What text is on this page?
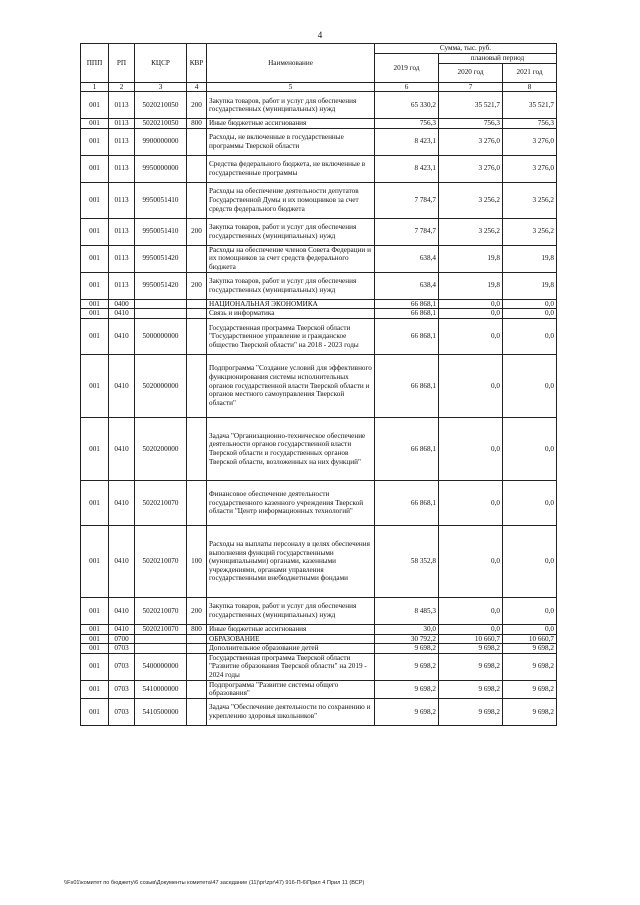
4
ППП	РП	КЦСР	КВР	Наименование	Сумма, тыс. руб.		
					2019 год	плановый период	
						2020 год	2021 год
1	2	3	4	5	6	7	8
001	0113	5020210050	200	Закупка товаров, работ и услуг для обеспечения государственных (муниципальных) нужд	65 330,2	35 521,7	35 521,7
001	0113	5020210050	800	Иные бюджетные ассигнования	756,3	756,3	756,3
001	0113	9900000000		Расходы, не включенные в государственные программы Тверской области	8 423,1	3 276,0	3 276,0
001	0113	9950000000		Средства федерального бюджета, не включенные в государственные программы	8 423,1	3 276,0	3 276,0
001	0113	9950051410		Расходы на обеспечение деятельности депутатов Государственной Думы и их помощников за счет средств федерального бюджета	7 784,7	3 256,2	3 256,2
001	0113	9950051410	200	Закупка товаров, работ и услуг для обеспечения государственных (муниципальных) нужд	7 784,7	3 256,2	3 256,2
001	0113	9950051420		Расходы на обеспечение членов Совета Федерации и их помощников за счет средств федерального бюджета	638,4	19,8	19,8
001	0113	9950051420	200	Закупка товаров, работ и услуг для обеспечения государственных (муниципальных) нужд	638,4	19,8	19,8
001	0400			НАЦИОНАЛЬНАЯ ЭКОНОМИКА	66 868,1	0,0	0,0
001	0410			Связь и информатика	66 868,1	0,0	0,0
001	0410	5000000000		Государственная программа Тверской области "Государственное управление и гражданское общество Тверской области" на 2018 - 2023 годы	66 868,1	0,0	0,0
001	0410	5020000000		Подпрограмма "Создание условий для эффективного функционирования системы исполнительных органов государственной власти Тверской области и органов местного самоуправления Тверской области"	66 868,1	0,0	0,0
001	0410	5020200000		Задача "Организационно-техническое обеспечение деятельности органов государственной власти Тверской области и государственных органов Тверской области, возложенных на них функций"	66 868,1	0,0	0,0
001	0410	5020210070		Финансовое обеспечение деятельности государственного казенного учреждения Тверской области "Центр информационных технологий"	66 868,1	0,0	0,0
001	0410	5020210070	100	Расходы на выплаты персоналу в целях обеспечения выполнения функций государственными (муниципальными) органами, казенными учреждениями, органами управления государственными внебюджетными фондами	58 352,8	0,0	0,0
001	0410	5020210070	200	Закупка товаров, работ и услуг для обеспечения государственных (муниципальных) нужд	8 485,3	0,0	0,0
001	0410	5020210070	800	Иные бюджетные ассигнования	30,0	0,0	0,0
001	0700			ОБРАЗОВАНИЕ	30 792,2	10 660,7	10 660,7
001	0703			Дополнительное образование детей	9 698,2	9 698,2	9 698,2
001	0703	5400000000		Государственная программа Тверской области "Развитие образования Тверской области" на 2019 - 2024 годы	9 698,2	9 698,2	9 698,2
001	0703	5410000000		Подпрограмма "Развитие системы общего образования"	9 698,2	9 698,2	9 698,2
001	0703	5410500000		Задача "Обеспечение деятельности по сохранению и укреплению здоровья школьников"	9 698,2	9 698,2	9 698,2
\\Fs01\комитет по бюджету\6 созыв\Документы комитета\47 заседание (11)\pr\zpr\47) 916-П-6\Прил 4 Прил 11 (ВСР)
